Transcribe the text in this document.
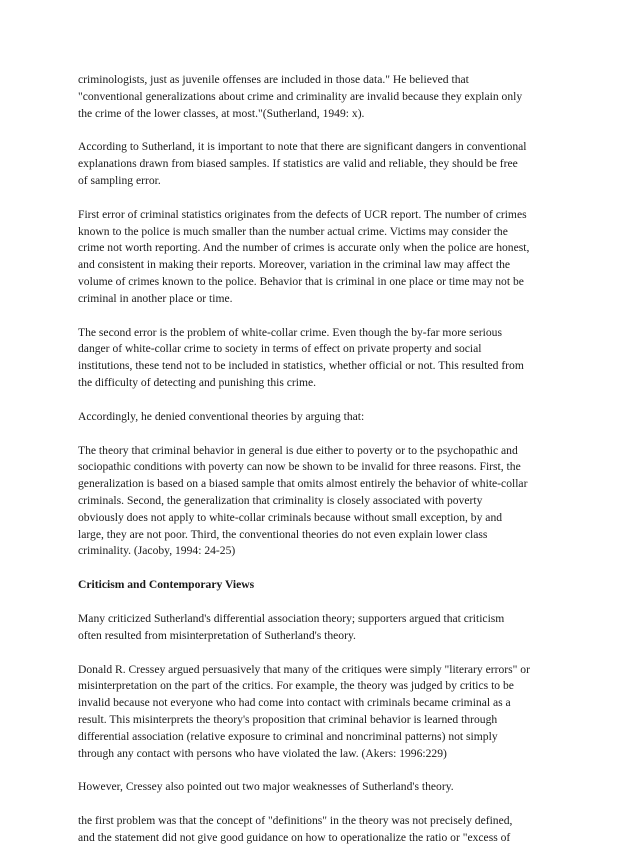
criminologists, just as juvenile offenses are included in those data." He believed that
"conventional generalizations about crime and criminality are invalid because they explain only
the crime of the lower classes, at most."(Sutherland, 1949: x).

According to Sutherland, it is important to note that there are significant dangers in conventional
explanations drawn from biased samples. If statistics are valid and reliable, they should be free
of sampling error.

First error of criminal statistics originates from the defects of UCR report. The number of crimes
known to the police is much smaller than the number actual crime. Victims may consider the
crime not worth reporting. And the number of crimes is accurate only when the police are honest,
and consistent in making their reports. Moreover, variation in the criminal law may affect the
volume of crimes known to the police. Behavior that is criminal in one place or time may not be
criminal in another place or time.

The second error is the problem of white-collar crime. Even though the by-far more serious
danger of white-collar crime to society in terms of effect on private property and social
institutions, these tend not to be included in statistics, whether official or not. This resulted from
the difficulty of detecting and punishing this crime.

Accordingly, he denied conventional theories by arguing that:

The theory that criminal behavior in general is due either to poverty or to the psychopathic and
sociopathic conditions with poverty can now be shown to be invalid for three reasons. First, the
generalization is based on a biased sample that omits almost entirely the behavior of white-collar
criminals. Second, the generalization that criminality is closely associated with poverty
obviously does not apply to white-collar criminals because without small exception, by and
large, they are not poor. Third, the conventional theories do not even explain lower class
criminality. (Jacoby, 1994: 24-25)

Criticism and Contemporary Views

Many criticized Sutherland's differential association theory; supporters argued that criticism
often resulted from misinterpretation of Sutherland's theory.

Donald R. Cressey argued persuasively that many of the critiques were simply "literary errors" or
misinterpretation on the part of the critics. For example, the theory was judged by critics to be
invalid because not everyone who had come into contact with criminals became criminal as a
result. This misinterprets the theory's proposition that criminal behavior is learned through
differential association (relative exposure to criminal and noncriminal patterns) not simply
through any contact with persons who have violated the law. (Akers: 1996:229)

However, Cressey also pointed out two major weaknesses of Sutherland's theory.

the first problem was that the concept of "definitions" in the theory was not precisely defined,
and the statement did not give good guidance on how to operationalize the ratio or "excess of
